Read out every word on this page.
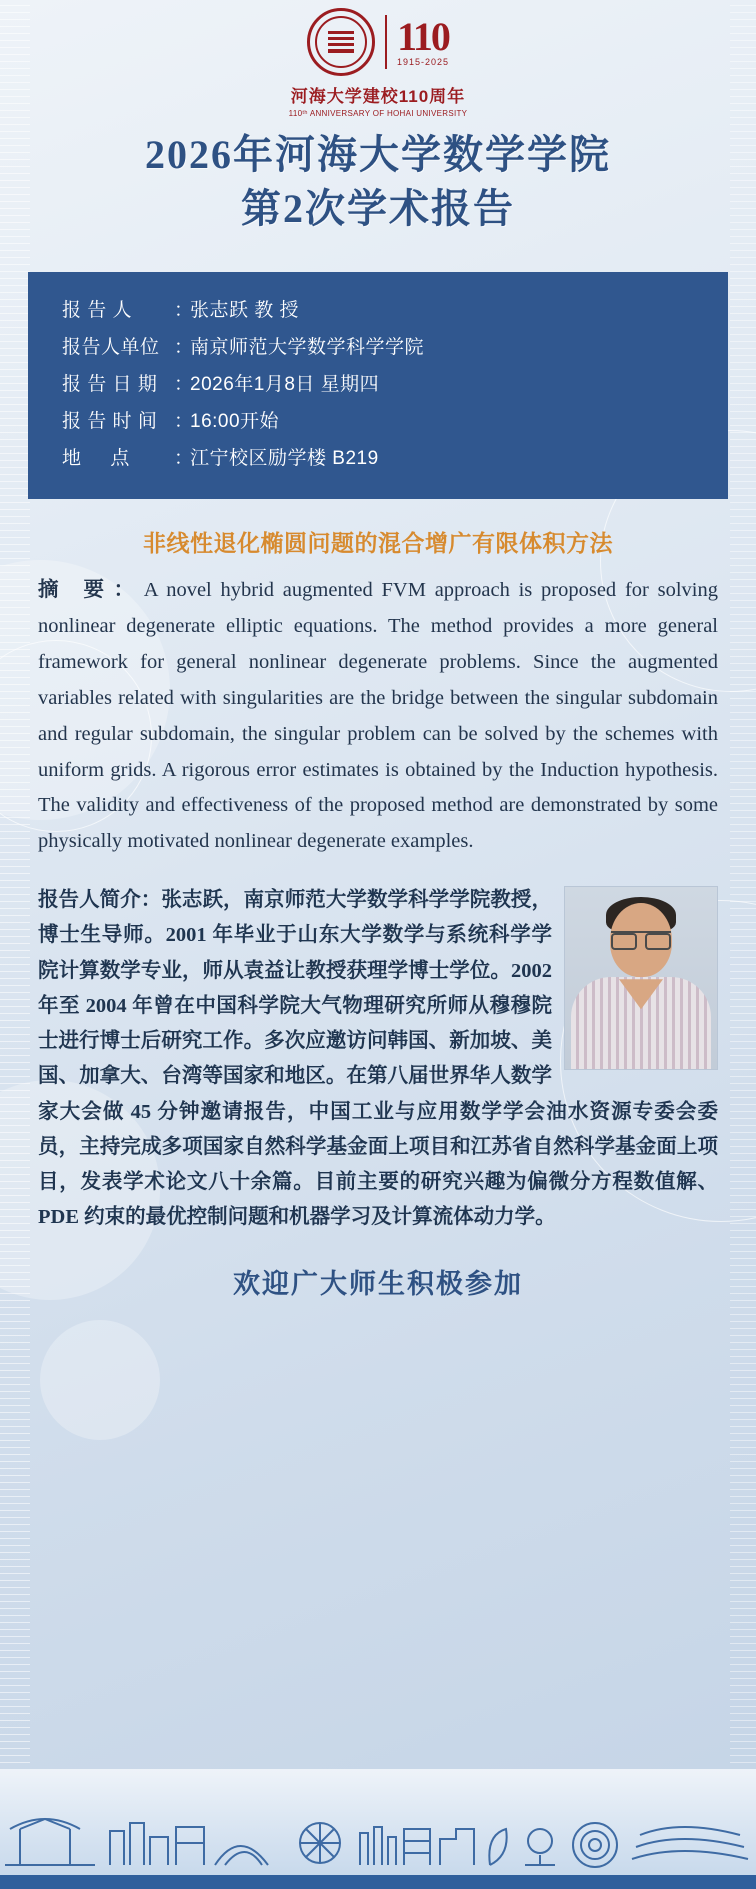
110
1915-2025
河海大学建校110周年
110ᵗʰ ANNIVERSARY OF HOHAI UNIVERSITY
2026年河海大学数学学院
第2次学术报告
报 告 人	：
张志跃 教 授
报告人单位 ：
南京师范大学数学科学学院
报 告 日 期 ：
2026年1月8日 星期四
报 告 时 间 ：
16:00开始
地     点	：
江宁校区励学楼 B219
非线性退化椭圆问题的混合增广有限体积方法
摘 要：A novel hybrid augmented FVM approach is proposed for solving nonlinear degenerate elliptic equations. The method provides a more general framework for general nonlinear degenerate problems. Since the augmented variables related with singularities are the bridge between the singular subdomain and regular subdomain, the singular problem can be solved by the schemes with uniform grids. A rigorous error estimates is obtained by the Induction hypothesis. The validity and effectiveness of the proposed method are demonstrated by some physically motivated nonlinear degenerate examples.
报告人简介：张志跃，南京师范大学数学科学学院教授，博士生导师。2001 年毕业于山东大学数学与系统科学学院计算数学专业，师从袁益让教授获理学博士学位。2002 年至 2004 年曾在中国科学院大气物理研究所师从穆穆院士进行博士后研究工作。多次应邀访问韩国、新加坡、美国、加拿大、台湾等国家和地区。在第八届世界华人数学家大会做 45 分钟邀请报告，中国工业与应用数学学会油水资源专委会委员，主持完成多项国家自然科学基金面上项目和江苏省自然科学基金面上项目，发表学术论文八十余篇。目前主要的研究兴趣为偏微分方程数值解、PDE 约束的最优控制问题和机器学习及计算流体动力学。
欢迎广大师生积极参加
